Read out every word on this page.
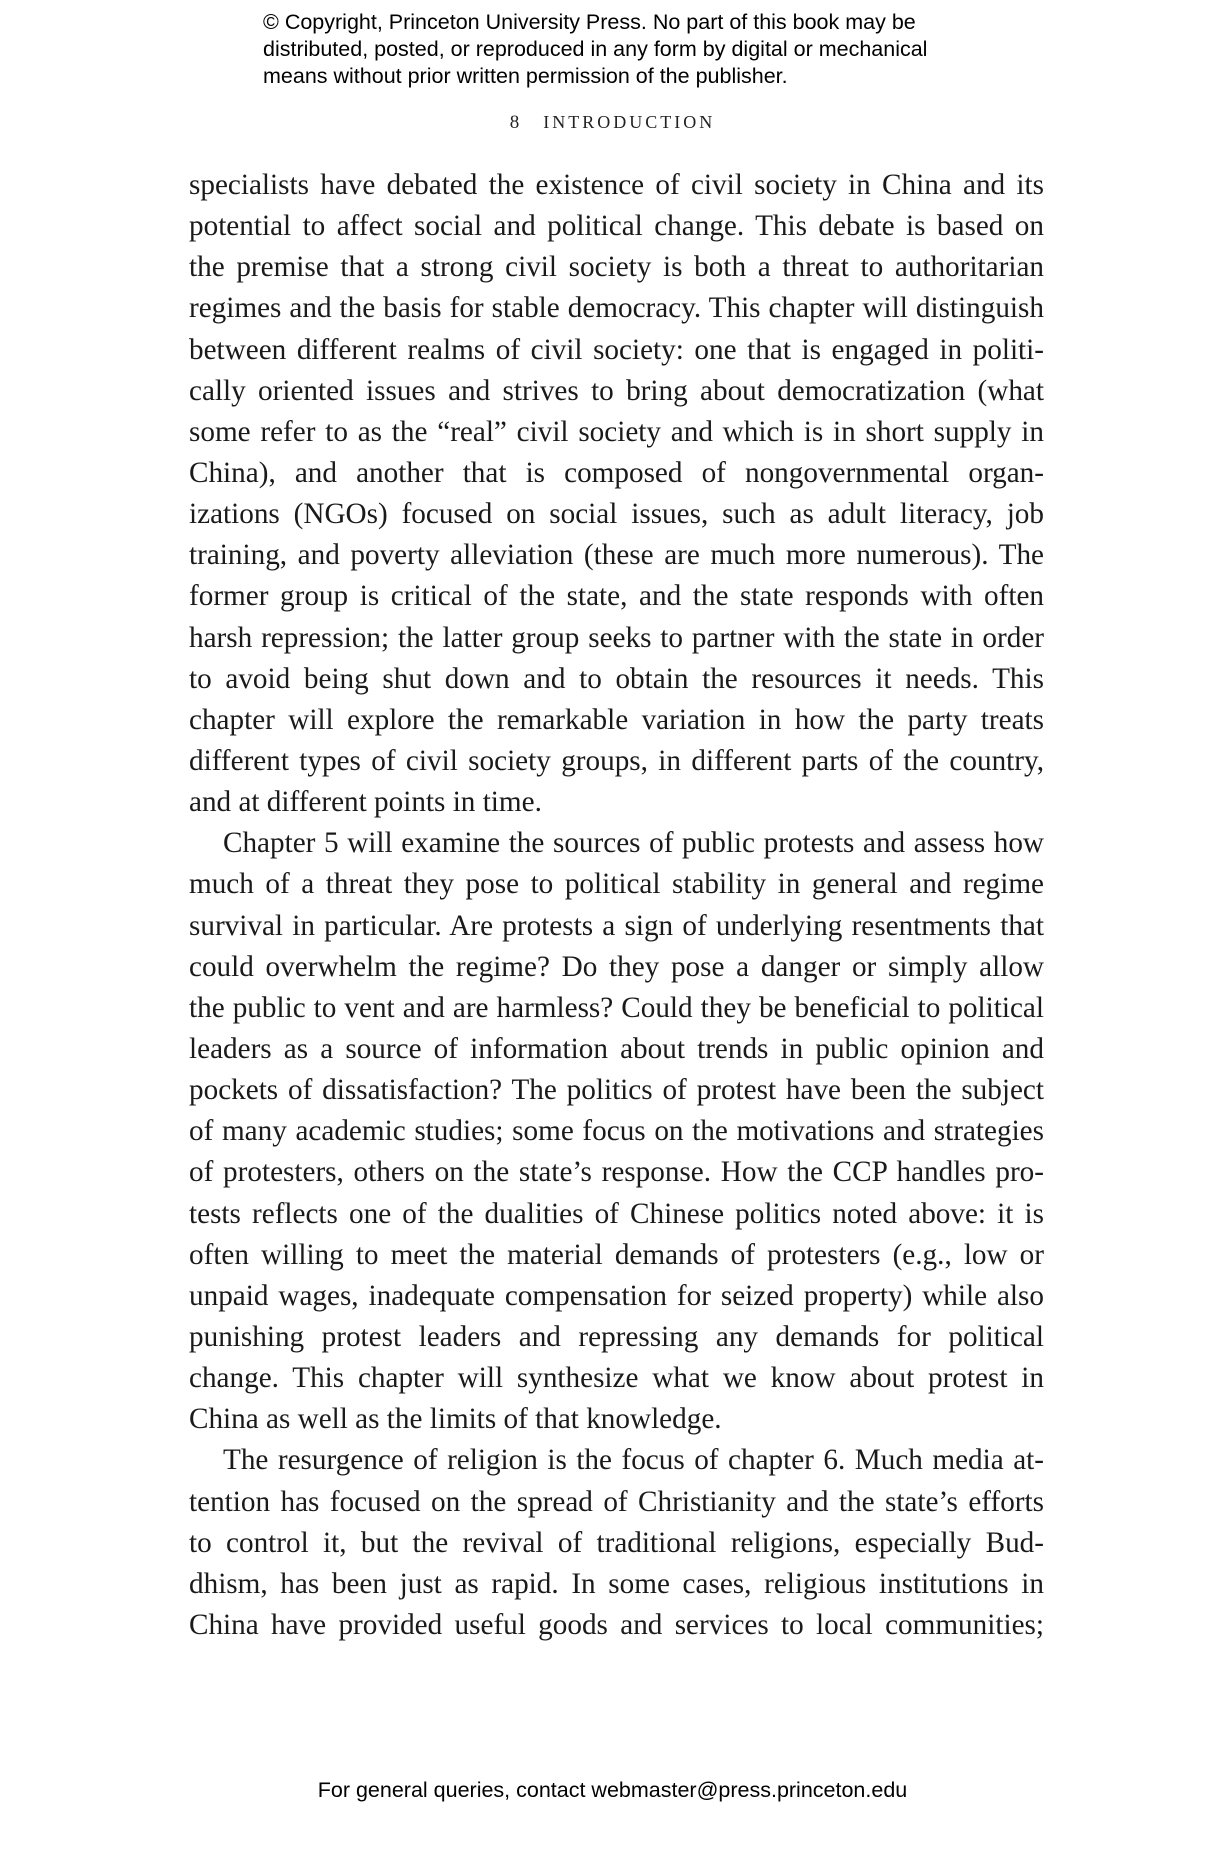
© Copyright, Princeton University Press. No part of this book may be
distributed, posted, or reproduced in any form by digital or mechanical
means without prior written permission of the publisher.
8 INTRODUCTION
specialists have debated the existence of civil society in China and its
potential to affect social and political change. This debate is based on
the premise that a strong civil society is both a threat to authoritarian
regimes and the basis for stable democracy. This chapter will distinguish
between different realms of civil society: one that is engaged in politi-
cally oriented issues and strives to bring about democratization (what
some refer to as the “real” civil society and which is in short supply in
China), and another that is composed of nongovernmental organ-
izations (NGOs) focused on social issues, such as adult literacy, job
training, and poverty alleviation (these are much more numerous). The
former group is critical of the state, and the state responds with often
harsh repression; the latter group seeks to partner with the state in order
to avoid being shut down and to obtain the resources it needs. This
chapter will explore the remarkable variation in how the party treats
different types of civil society groups, in different parts of the country,
and at different points in time.
Chapter 5 will examine the sources of public protests and assess how
much of a threat they pose to political stability in general and regime
survival in particular. Are protests a sign of underlying resentments that
could overwhelm the regime? Do they pose a danger or simply allow
the public to vent and are harmless? Could they be beneficial to political
leaders as a source of information about trends in public opinion and
pockets of dissatisfaction? The politics of protest have been the subject
of many academic studies; some focus on the motivations and strategies
of protesters, others on the state’s response. How the CCP handles pro-
tests reflects one of the dualities of Chinese politics noted above: it is
often willing to meet the material demands of protesters (e.g., low or
unpaid wages, inadequate compensation for seized property) while also
punishing protest leaders and repressing any demands for political
change. This chapter will synthesize what we know about protest in
China as well as the limits of that knowledge.
The resurgence of religion is the focus of chapter 6. Much media at-
tention has focused on the spread of Christianity and the state’s efforts
to control it, but the revival of traditional religions, especially Bud-
dhism, has been just as rapid. In some cases, religious institutions in
China have provided useful goods and services to local communities;
For general queries, contact webmaster@press.princeton.edu
